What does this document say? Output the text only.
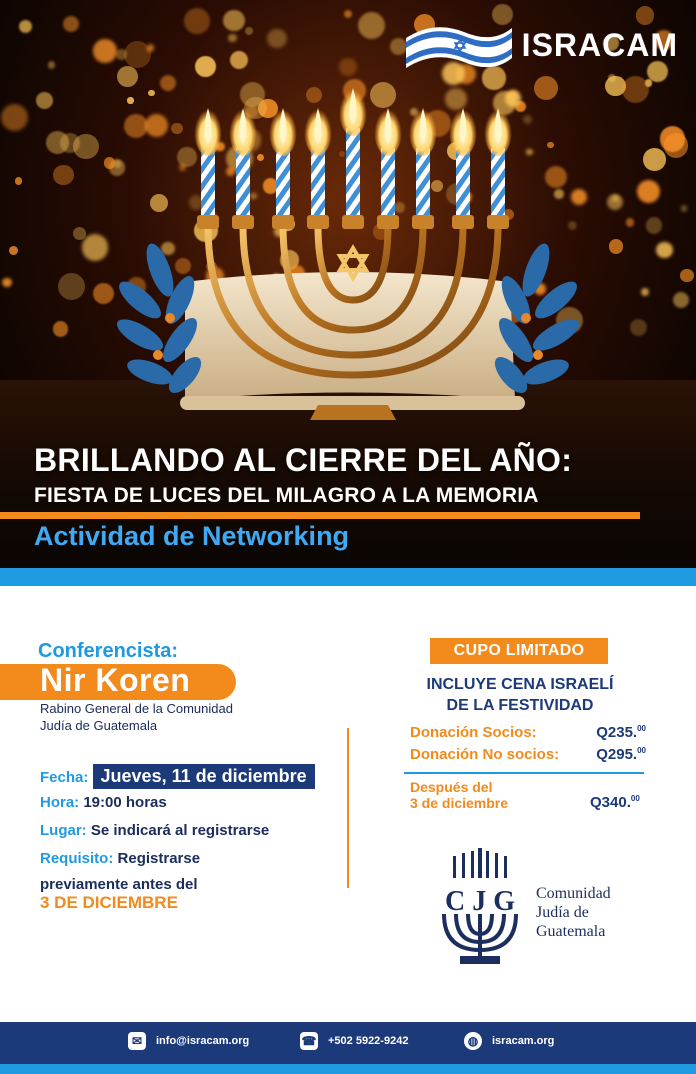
ISRACAM
BRILLANDO AL CIERRE DEL AÑO:
FIESTA DE LUCES DEL MILAGRO A LA MEMORIA
Actividad de Networking
Conferencista:
Nir Koren
Rabino General de la Comunidad
Judía de Guatemala
Fecha: Jueves, 11 de diciembre
Hora: 19:00 horas
Lugar: Se indicará al registrarse
Requisito: Registrarse
previamente antes del
3 DE DICIEMBRE
CUPO LIMITADO
INCLUYE CENA ISRAELÍ
DE LA FESTIVIDAD
Donación Socios:	Q235.00
Donación No socios: Q295.00
Después del
3 de diciembre	Q340.00
C J G Comunidad
Judía de
Guatemala
✉	info@isracam.org	☎ +502 5922-9242	◍	isracam.org
